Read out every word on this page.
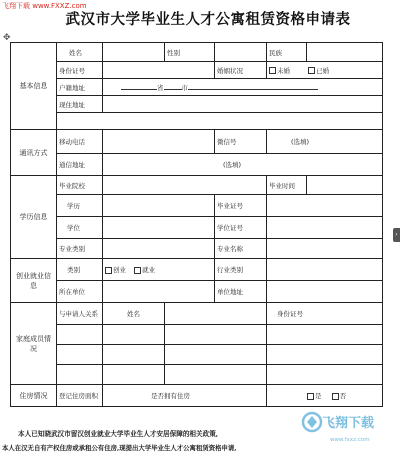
飞翔下载 www.FXXZ.com
武汉市大学毕业生人才公寓租赁资格申请表
✥
基本信息	姓名		性别		民族	
	身份证号			婚姻状况	未婚 已婚	
	户籍地址	省 市				
	现住地址					

通讯方式	移动电话			微信号	(选填)	
	通信地址	(选填)				
学历信息	毕业院校				毕业时间	
	学历			毕业证号		
	学位			学位证号		
	专业类别			专业名称		
创业就业信息	类别	创业 就业		行业类别		
	所在单位			单位地址		
家庭成员情况	与申请人关系	姓名			身份证号	

住房情况	登记住房面积	是否拥有住房			是 否	
本人已知晓武汉市留汉创业就业大学毕业生人才安居保障的相关政策,
本人在汉无自有产权住房或承租公有住房,现提出大学毕业生人才公寓租赁资格申请,
飞翔下载
www.fxxz.com
›
